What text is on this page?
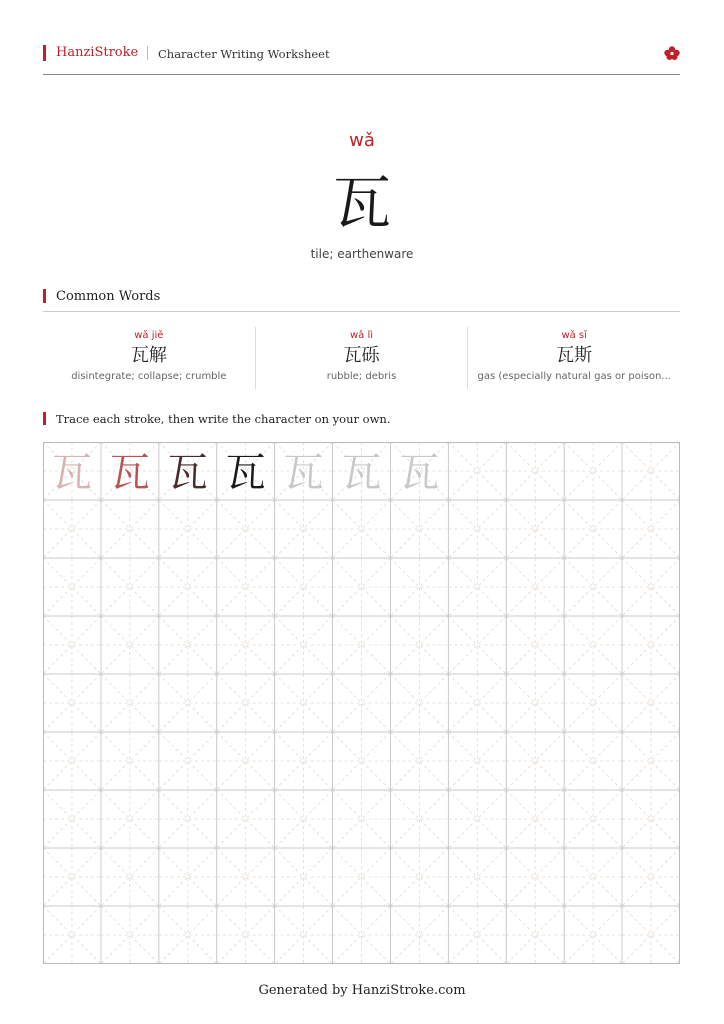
HanziStroke Character Writing Worksheet
wǎ
瓦
tile; earthenware
Common Words
wǎ jiě
瓦解
disintegrate; collapse; crumble
wǎ lì
瓦砾
rubble; debris
wǎ sī
瓦斯
gas (especially natural gas or poison...
Trace each stroke, then write the character on your own.
瓦 瓦 瓦 瓦 瓦 瓦 瓦
Generated by HanziStroke.com
